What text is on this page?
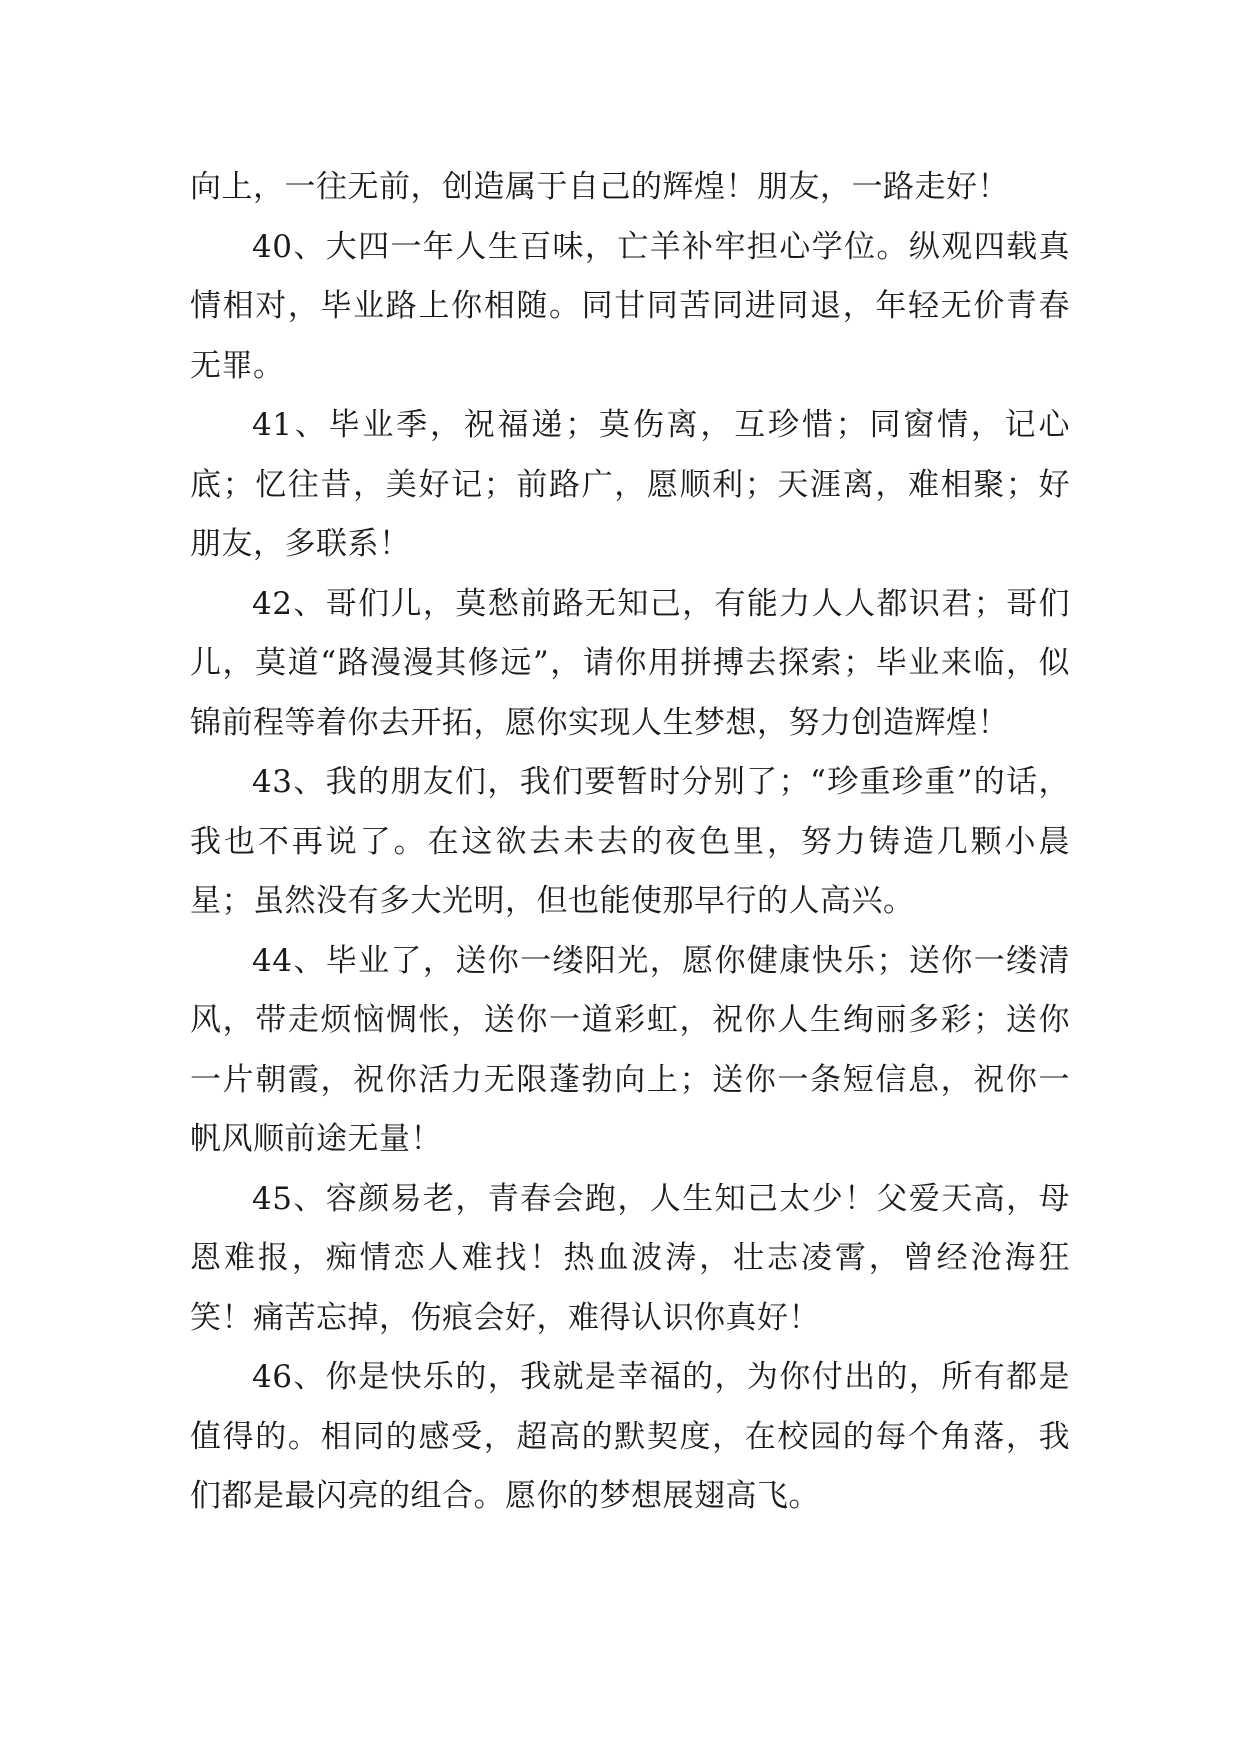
向上，一往无前，创造属于自己的辉煌！朋友，一路走好！

40、大四一年人生百味，亡羊补牢担心学位。纵观四载真情相对，毕业路上你相随。同甘同苦同进同退，年轻无价青春无罪。

41、毕业季，祝福递；莫伤离，互珍惜；同窗情，记心底；忆往昔，美好记；前路广，愿顺利；天涯离，难相聚；好朋友，多联系！

42、哥们儿，莫愁前路无知己，有能力人人都识君；哥们儿，莫道“路漫漫其修远”，请你用拼搏去探索；毕业来临，似锦前程等着你去开拓，愿你实现人生梦想，努力创造辉煌！

43、我的朋友们，我们要暂时分别了；“珍重珍重”的话，我也不再说了。在这欲去未去的夜色里，努力铸造几颗小晨星；虽然没有多大光明，但也能使那早行的人高兴。

44、毕业了，送你一缕阳光，愿你健康快乐；送你一缕清风，带走烦恼惆怅，送你一道彩虹，祝你人生绚丽多彩；送你一片朝霞，祝你活力无限蓬勃向上；送你一条短信息，祝你一帆风顺前途无量！

45、容颜易老，青春会跑，人生知己太少！父爱天高，母恩难报，痴情恋人难找！热血波涛，壮志凌霄，曾经沧海狂笑！痛苦忘掉，伤痕会好，难得认识你真好！

46、你是快乐的，我就是幸福的，为你付出的，所有都是值得的。相同的感受，超高的默契度，在校园的每个角落，我们都是最闪亮的组合。愿你的梦想展翅高飞。
